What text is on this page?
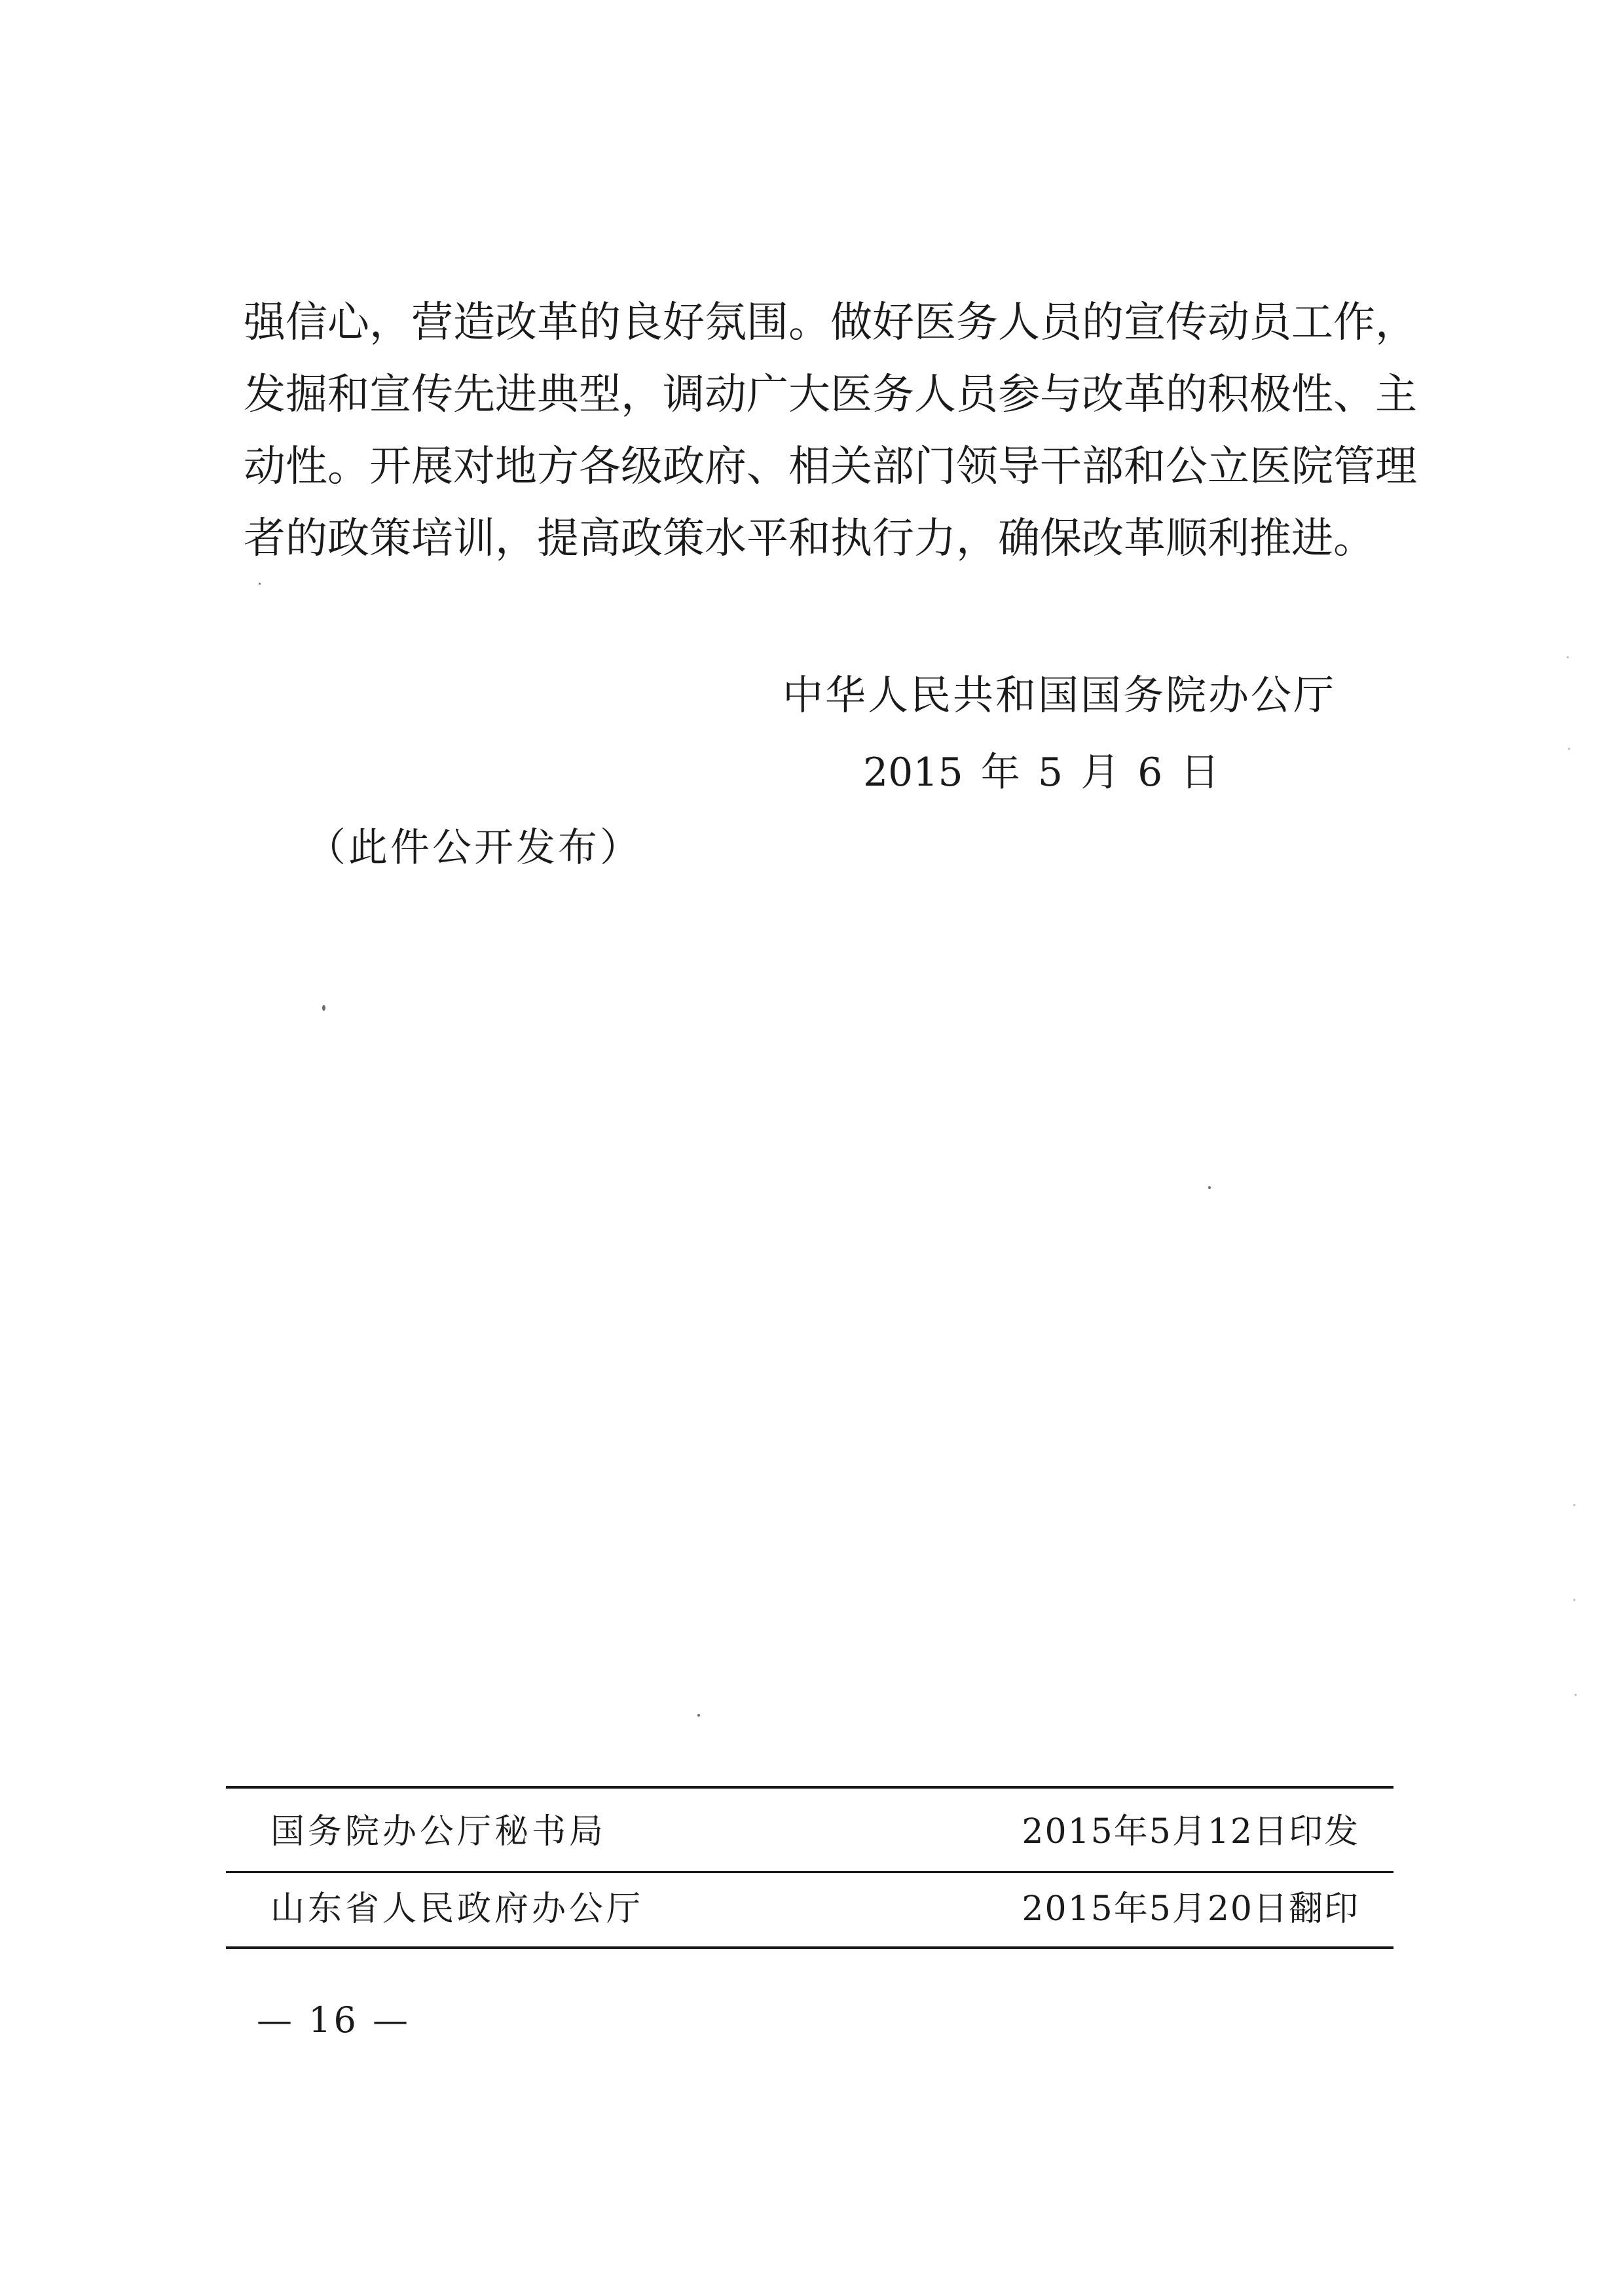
强信心，营造改革的良好氛围。做好医务人员的宣传动员工作，
发掘和宣传先进典型，调动广大医务人员参与改革的积极性、主
动性。开展对地方各级政府、相关部门领导干部和公立医院管理
者的政策培训，提高政策水平和执行力，确保改革顺利推进。
中华人民共和国国务院办公厅
2015 年 5 月 6 日
（此件公开发布）
国务院办公厅秘书局	2015年5月12日印发
山东省人民政府办公厅	2015年5月20日翻印
— 16 —
·
·
·
·
·
